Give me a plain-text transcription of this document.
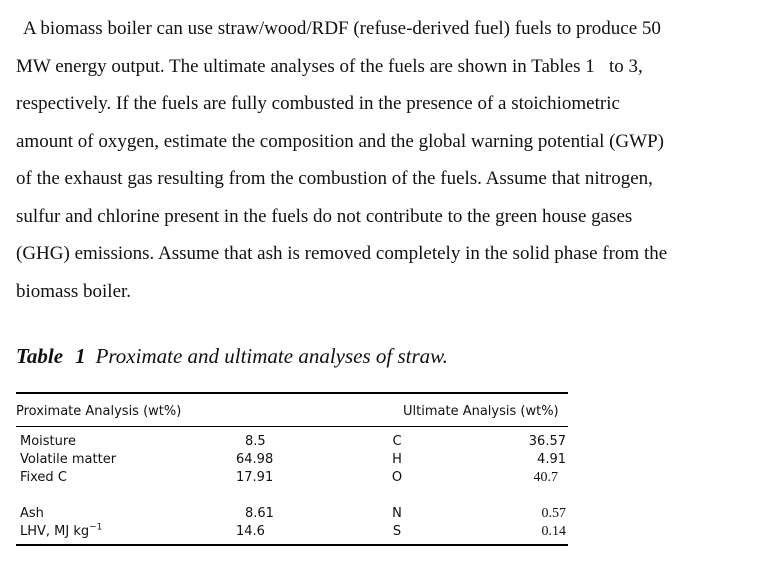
A biomass boiler can use straw/wood/RDF (refuse-derived fuel) fuels to produce 50
MW energy output. The ultimate analyses of the fuels are shown in Tables 1   to 3,
respectively. If the fuels are fully combusted in the presence of a stoichiometric
amount of oxygen, estimate the composition and the global warning potential (GWP)
of the exhaust gas resulting from the combustion of the fuels. Assume that nitrogen,
sulfur and chlorine present in the fuels do not contribute to the green house gases
(GHG) emissions. Assume that ash is removed completely in the solid phase from the
biomass boiler.
Table 1 Proximate and ultimate analyses of straw.
Proximate Analysis (wt%)	Ultimate Analysis (wt%)
Moisture
Volatile matter
Fixed C
Ash
LHV, MJ $kg^{-1}$
8.5
64.98
17.91
8.61
14.6
C
H
O
N
S
36.57
4.91
40.7
0.57
0.14
